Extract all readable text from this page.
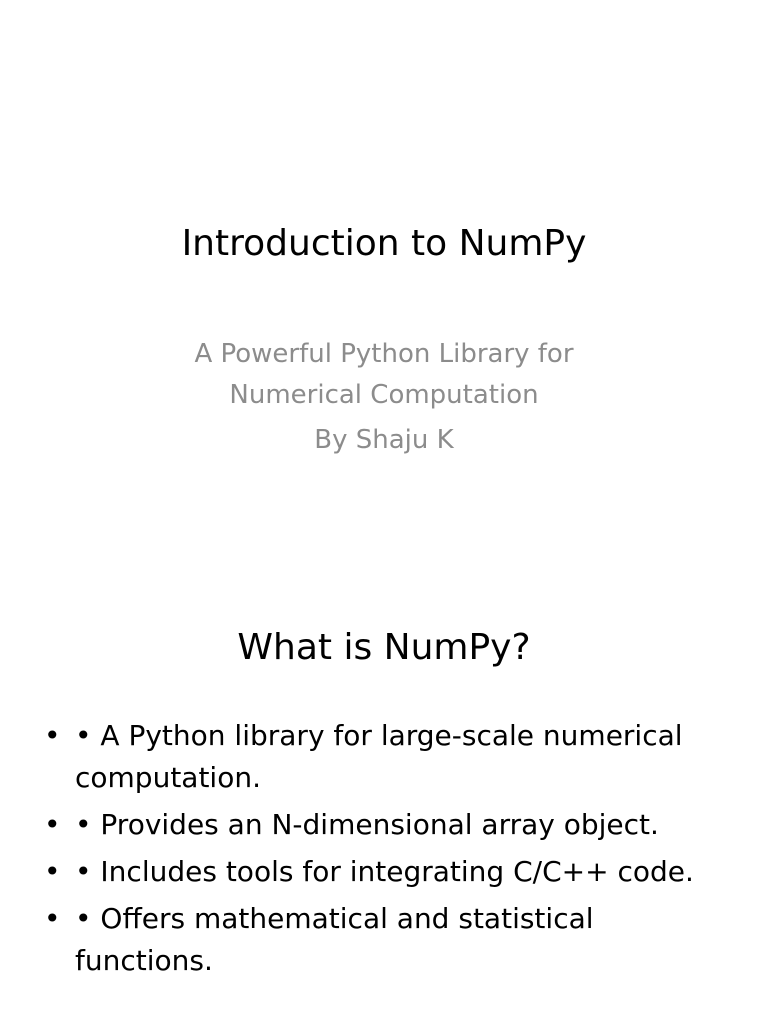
Introduction to NumPy
A Powerful Python Library for
Numerical Computation
By Shaju K
What is NumPy?
• • A Python library for large-scale numerical computation.
• • Provides an N-dimensional array object.
• • Includes tools for integrating C/C++ code.
• • Offers mathematical and statistical functions.
